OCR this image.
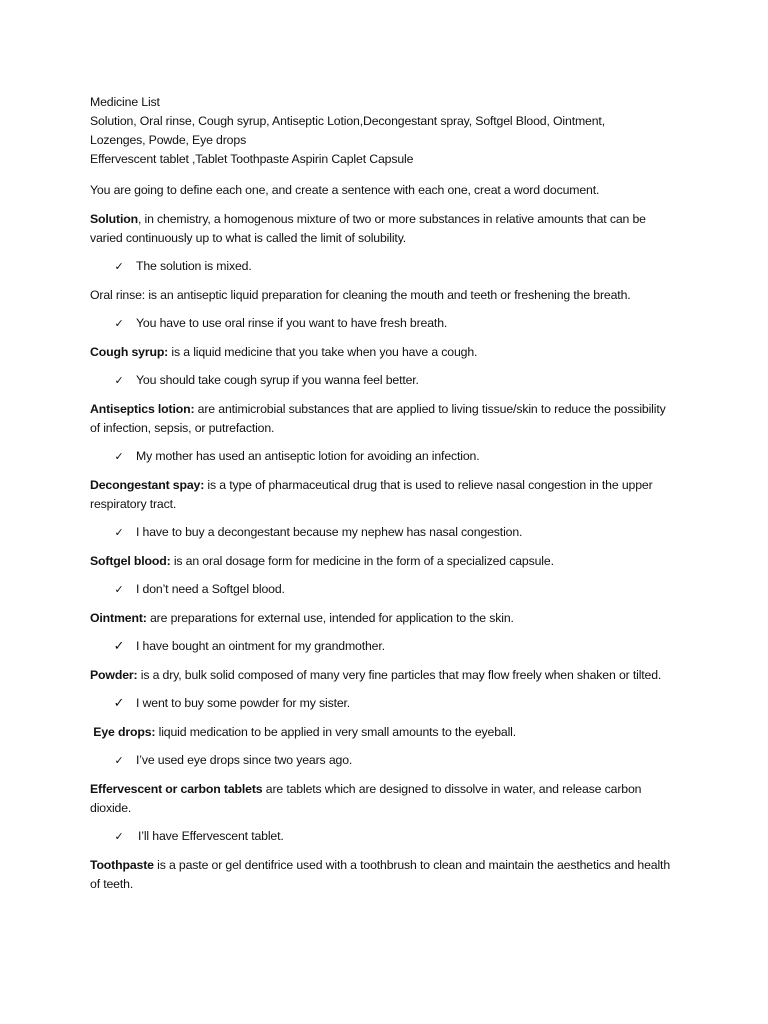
Medicine List
Solution, Oral rinse, Cough syrup, Antiseptic Lotion,Decongestant spray, Softgel Blood, Ointment,
Lozenges, Powde, Eye drops
Effervescent tablet ,Tablet Toothpaste Aspirin Caplet Capsule
You are going to define each one, and create a sentence with each one, creat a word document.
Solution, in chemistry, a homogenous mixture of two or more substances in relative amounts that can be varied continuously up to what is called the limit of solubility.
✓ The solution is mixed.
Oral rinse: is an antiseptic liquid preparation for cleaning the mouth and teeth or freshening the breath.
✓ You have to use oral rinse if you want to have fresh breath.
Cough syrup: is a liquid medicine that you take when you have a cough.
✓ You should take cough syrup if you wanna feel better.
Antiseptics lotion: are antimicrobial substances that are applied to living tissue/skin to reduce the possibility of infection, sepsis, or putrefaction.
✓ My mother has used an antiseptic lotion for avoiding an infection.
Decongestant spay: is a type of pharmaceutical drug that is used to relieve nasal congestion in the upper respiratory tract.
✓ I have to buy a decongestant because my nephew has nasal congestion.
Softgel blood: is an oral dosage form for medicine in the form of a specialized capsule.
✓ I don’t need a Softgel blood.
Ointment: are preparations for external use, intended for application to the skin.
✓ I have bought an ointment for my grandmother.
Powder: is a dry, bulk solid composed of many very fine particles that may flow freely when shaken or tilted.
✓ I went to buy some powder for my sister.
Eye drops: liquid medication to be applied in very small amounts to the eyeball.
✓ I’ve used eye drops since two years ago.
Effervescent or carbon tablets are tablets which are designed to dissolve in water, and release carbon dioxide.
✓ I’ll have Effervescent tablet.
Toothpaste is a paste or gel dentifrice used with a toothbrush to clean and maintain the aesthetics and health of teeth.
